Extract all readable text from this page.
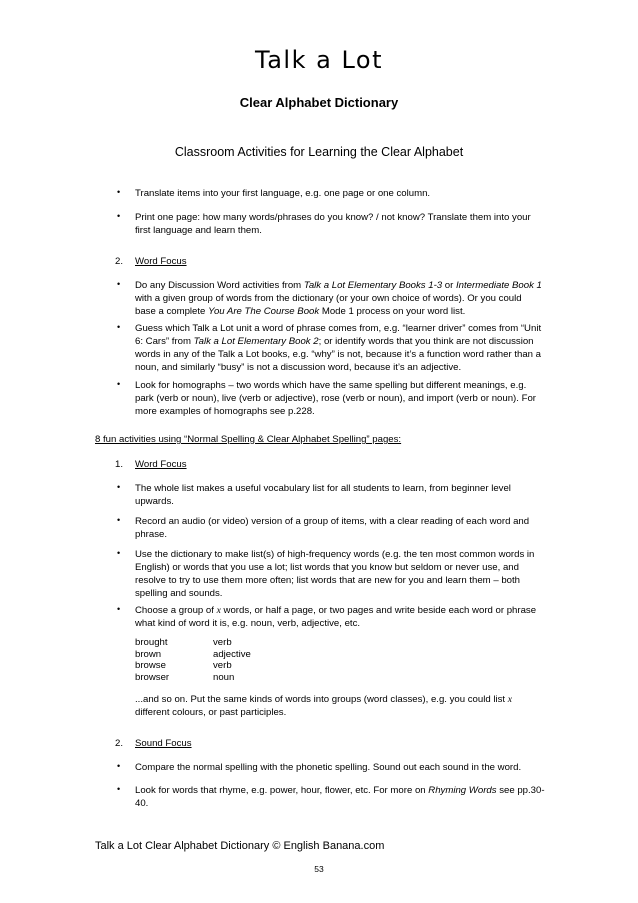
Talk a Lot
Clear Alphabet Dictionary
Classroom Activities for Learning the Clear Alphabet
• Translate items into your first language, e.g. one page or one column.
• Print one page: how many words/phrases do you know? / not know? Translate them into your first language and learn them.
2. Word Focus
• Do any Discussion Word activities from Talk a Lot Elementary Books 1-3 or Intermediate Book 1 with a given group of words from the dictionary (or your own choice of words). Or you could base a complete You Are The Course Book Mode 1 process on your word list.
• Guess which Talk a Lot unit a word of phrase comes from, e.g. “learner driver” comes from “Unit 6: Cars” from Talk a Lot Elementary Book 2; or identify words that you think are not discussion words in any of the Talk a Lot books, e.g. “why” is not, because it’s a function word rather than a noun, and similarly “busy” is not a discussion word, because it’s an adjective.
• Look for homographs – two words which have the same spelling but different meanings, e.g. park (verb or noun), live (verb or adjective), rose (verb or noun), and import (verb or noun). For more examples of homographs see p.228.
8 fun activities using “Normal Spelling & Clear Alphabet Spelling” pages:
1. Word Focus
• The whole list makes a useful vocabulary list for all students to learn, from beginner level upwards.
• Record an audio (or video) version of a group of items, with a clear reading of each word and phrase.
• Use the dictionary to make list(s) of high-frequency words (e.g. the ten most common words in English) or words that you use a lot; list words that you know but seldom or never use, and resolve to try to use them more often; list words that are new for you and learn them – both spelling and sounds.
• Choose a group of x words, or half a page, or two pages and write beside each word or phrase what kind of word it is, e.g. noun, verb, adjective, etc.
brought	verb
brown	adjective
browse	verb
browser	noun
...and so on. Put the same kinds of words into groups (word classes), e.g. you could list x different colours, or past participles.
2. Sound Focus
• Compare the normal spelling with the phonetic spelling. Sound out each sound in the word.
• Look for words that rhyme, e.g. power, hour, flower, etc. For more on Rhyming Words see pp.30-40.
Talk a Lot Clear Alphabet Dictionary © English Banana.com
53
